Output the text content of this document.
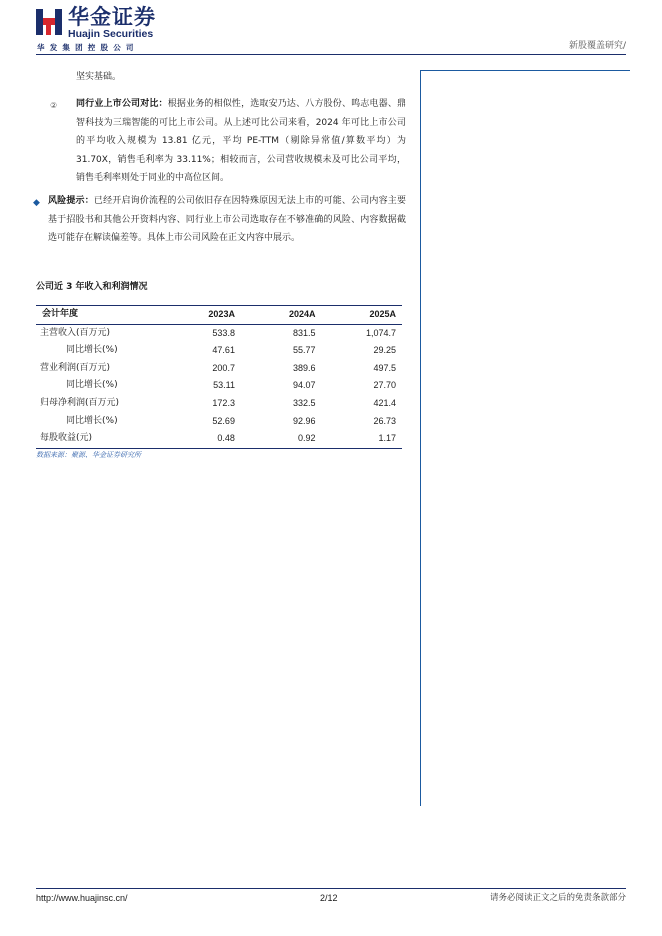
华金证券
Huajin Securities
华发集团控股公司	新股覆盖研究/
坚实基础。
② 同行业上市公司对比：根据业务的相似性，选取安乃达、八方股份、鸣志电器、鼎智科技为三瑞智能的可比上市公司。从上述可比公司来看，2024 年可比上市公司的平均收入规模为 13.81 亿元，平均 PE-TTM（剔除异常值/算数平均）为 31.70X，销售毛利率为 33.11%；相较而言，公司营收规模未及可比公司平均，销售毛利率则处于同业的中高位区间。
◆ 风险提示：已经开启询价流程的公司依旧存在因特殊原因无法上市的可能、公司内容主要基于招股书和其他公开资料内容、同行业上市公司选取存在不够准确的风险、内容数据截选可能存在解读偏差等。具体上市公司风险在正文内容中展示。
公司近 3 年收入和利润情况
会计年度	2023A	2024A	2025A
主营收入(百万元)	533.8	831.5	1,074.7
同比增长(%)	47.61	55.77	29.25
营业利润(百万元)	200.7	389.6	497.5
同比增长(%)	53.11	94.07	27.70
归母净利润(百万元)	172.3	332.5	421.4
同比增长(%)	52.69	92.96	26.73
每股收益(元)	0.48	0.92	1.17
数据来源：聚源、华金证券研究所
http://www.huajinsc.cn/	2/12	请务必阅读正文之后的免责条款部分
